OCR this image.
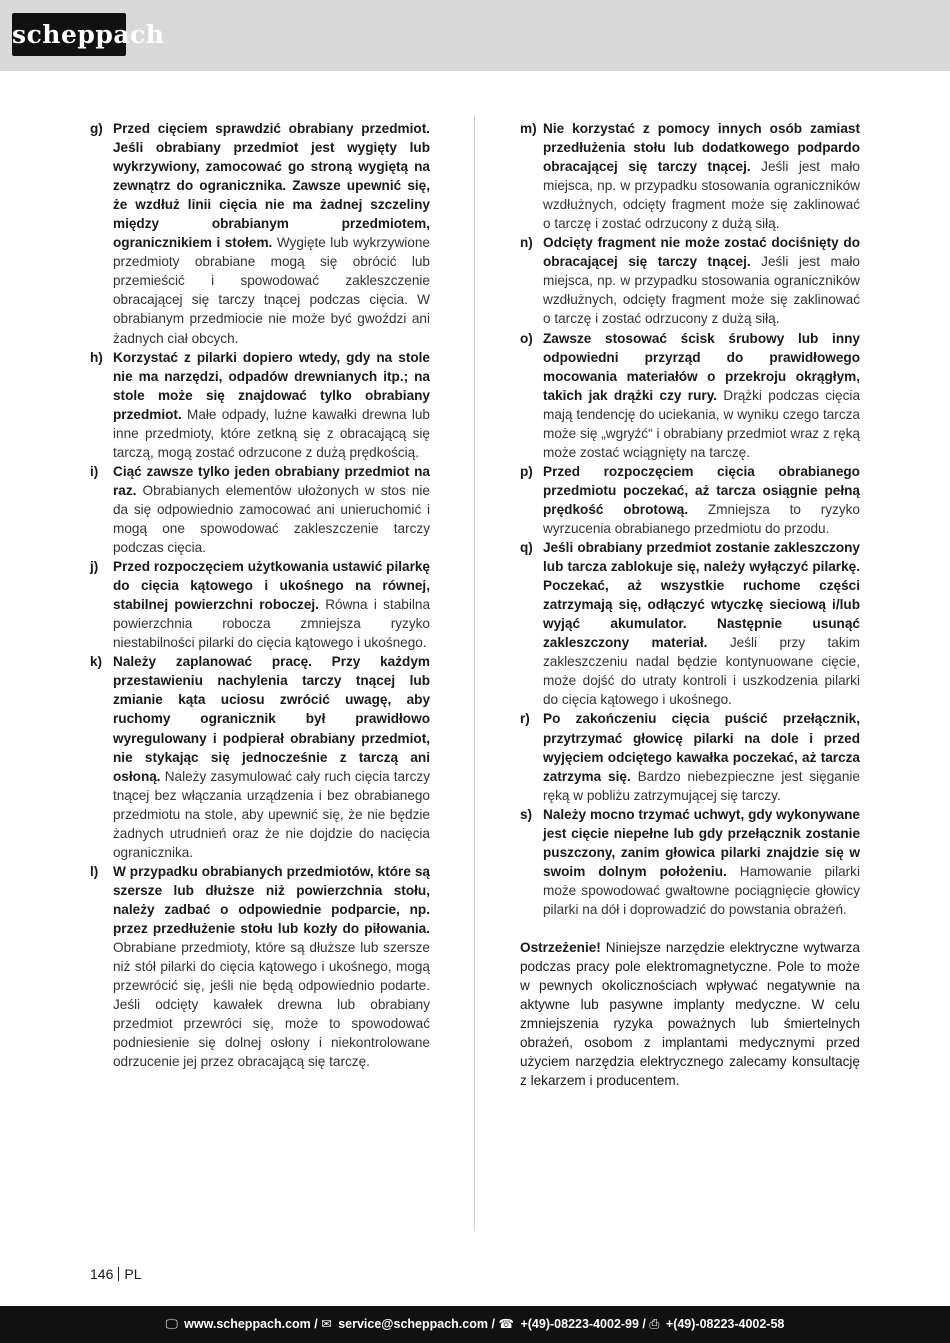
scheppach
g) Przed cięciem sprawdzić obrabiany przedmiot. Jeśli obrabiany przedmiot jest wygięty lub wykrzywiony, zamocować go stroną wygiętą na zewnątrz do ogranicznika. Zawsze upewnić się, że wzdłuż linii cięcia nie ma żadnej szczeliny między obrabianym przedmiotem, ogranicznikiem i stołem. Wygięte lub wykrzywione przedmioty obrabiane mogą się obrócić lub przemieścić i spowodować zakleszczenie obracającej się tarczy tnącej podczas cięcia. W obrabianym przedmiocie nie może być gwoździ ani żadnych ciał obcych.
h) Korzystać z pilarki dopiero wtedy, gdy na stole nie ma narzędzi, odpadów drewnianych itp.; na stole może się znajdować tylko obrabiany przedmiot. Małe odpady, luźne kawałki drewna lub inne przedmioty, które zetkną się z obracającą się tarczą, mogą zostać odrzucone z dużą prędkością.
i) Ciąć zawsze tylko jeden obrabiany przedmiot na raz. Obrabianych elementów ułożonych w stos nie da się odpowiednio zamocować ani unieruchomić i mogą one spowodować zakleszczenie tarczy podczas cięcia.
j) Przed rozpoczęciem użytkowania ustawić pilarkę do cięcia kątowego i ukośnego na równej, stabilnej powierzchni roboczej. Równa i stabilna powierzchnia robocza zmniejsza ryzyko niestabilności pilarki do cięcia kątowego i ukośnego.
k) Należy zaplanować pracę. Przy każdym przestawieniu nachylenia tarczy tnącej lub zmianie kąta uciosu zwrócić uwagę, aby ruchomy ogranicznik był prawidłowo wyregulowany i podpierał obrabiany przedmiot, nie stykając się jednocześnie z tarczą ani osłoną. Należy zasymulować cały ruch cięcia tarczy tnącej bez włączania urządzenia i bez obrabianego przedmiotu na stole, aby upewnić się, że nie będzie żadnych utrudnień oraz że nie dojdzie do nacięcia ogranicznika.
l) W przypadku obrabianych przedmiotów, które są szersze lub dłuższe niż powierzchnia stołu, należy zadbać o odpowiednie podparcie, np. przez przedłużenie stołu lub kozły do piłowania. Obrabiane przedmioty, które są dłuższe lub szersze niż stół pilarki do cięcia kątowego i ukośnego, mogą przewrócić się, jeśli nie będą odpowiednio podarte. Jeśli odcięty kawałek drewna lub obrabiany przedmiot przewróci się, może to spowodować podniesienie się dolnej osłony i niekontrolowane odrzucenie jej przez obracającą się tarczę.
m) Nie korzystać z pomocy innych osób zamiast przedłużenia stołu lub dodatkowego podpardo obracającej się tarczy tnącej. Jeśli jest mało miejsca, np. w przypadku stosowania ograniczników wzdłużnych, odcięty fragment może się zaklinować o tarczę i zostać odrzucony z dużą siłą.
n) Odcięty fragment nie może zostać dociśnięty do obracającej się tarczy tnącej. Jeśli jest mało miejsca, np. w przypadku stosowania ograniczników wzdłużnych, odcięty fragment może się zaklinować o tarczę i zostać odrzucony z dużą siłą.
o) Zawsze stosować ścisk śrubowy lub inny odpowiedni przyrząd do prawidłowego mocowania materiałów o przekroju okrągłym, takich jak drążki czy rury. Drążki podczas cięcia mają tendencję do uciekania, w wyniku czego tarcza może się „wgryźć“ i obrabiany przedmiot wraz z ręką może zostać wciągnięty na tarczę.
p) Przed rozpoczęciem cięcia obrabianego przedmiotu poczekać, aż tarcza osiągnie pełną prędkość obrotową. Zmniejsza to ryzyko wyrzucenia obrabianego przedmiotu do przodu.
q) Jeśli obrabiany przedmiot zostanie zakleszczony lub tarcza zablokuje się, należy wyłączyć pilarkę. Poczekać, aż wszystkie ruchome części zatrzymają się, odłączyć wtyczkę sieciową i/lub wyjąć akumulator. Następnie usunąć zakleszczony materiał. Jeśli przy takim zakleszczeniu nadal będzie kontynuowane cięcie, może dojść do utraty kontroli i uszkodzenia pilarki do cięcia kątowego i ukośnego.
r) Po zakończeniu cięcia puścić przełącznik, przytrzymać głowicę pilarki na dole i przed wyjęciem odciętego kawałka poczekać, aż tarcza zatrzyma się. Bardzo niebezpieczne jest sięganie ręką w pobliżu zatrzymującej się tarczy.
s) Należy mocno trzymać uchwyt, gdy wykonywane jest cięcie niepełne lub gdy przełącznik zostanie puszczony, zanim głowica pilarki znajdzie się w swoim dolnym położeniu. Hamowanie pilarki może spowodować gwałtowne pociągnięcie głowicy pilarki na dół i doprowadzić do powstania obrażeń.

Ostrzeżenie! Niniejsze narzędzie elektryczne wytwarza podczas pracy pole elektromagnetyczne. Pole to może w pewnych okolicznościach wpływać negatywnie na aktywne lub pasywne implanty medyczne. W celu zmniejszenia ryzyka poważnych lub śmiertelnych obrażeń, osobom z implantami medycznymi przed użyciem narzędzia elektrycznego zalecamy konsultację z lekarzem i producentem.

146 PL
🖵 www.scheppach.com / ✉ service@scheppach.com / ☎ +(49)-08223-4002-99 / ⎙ +(49)-08223-4002-58
